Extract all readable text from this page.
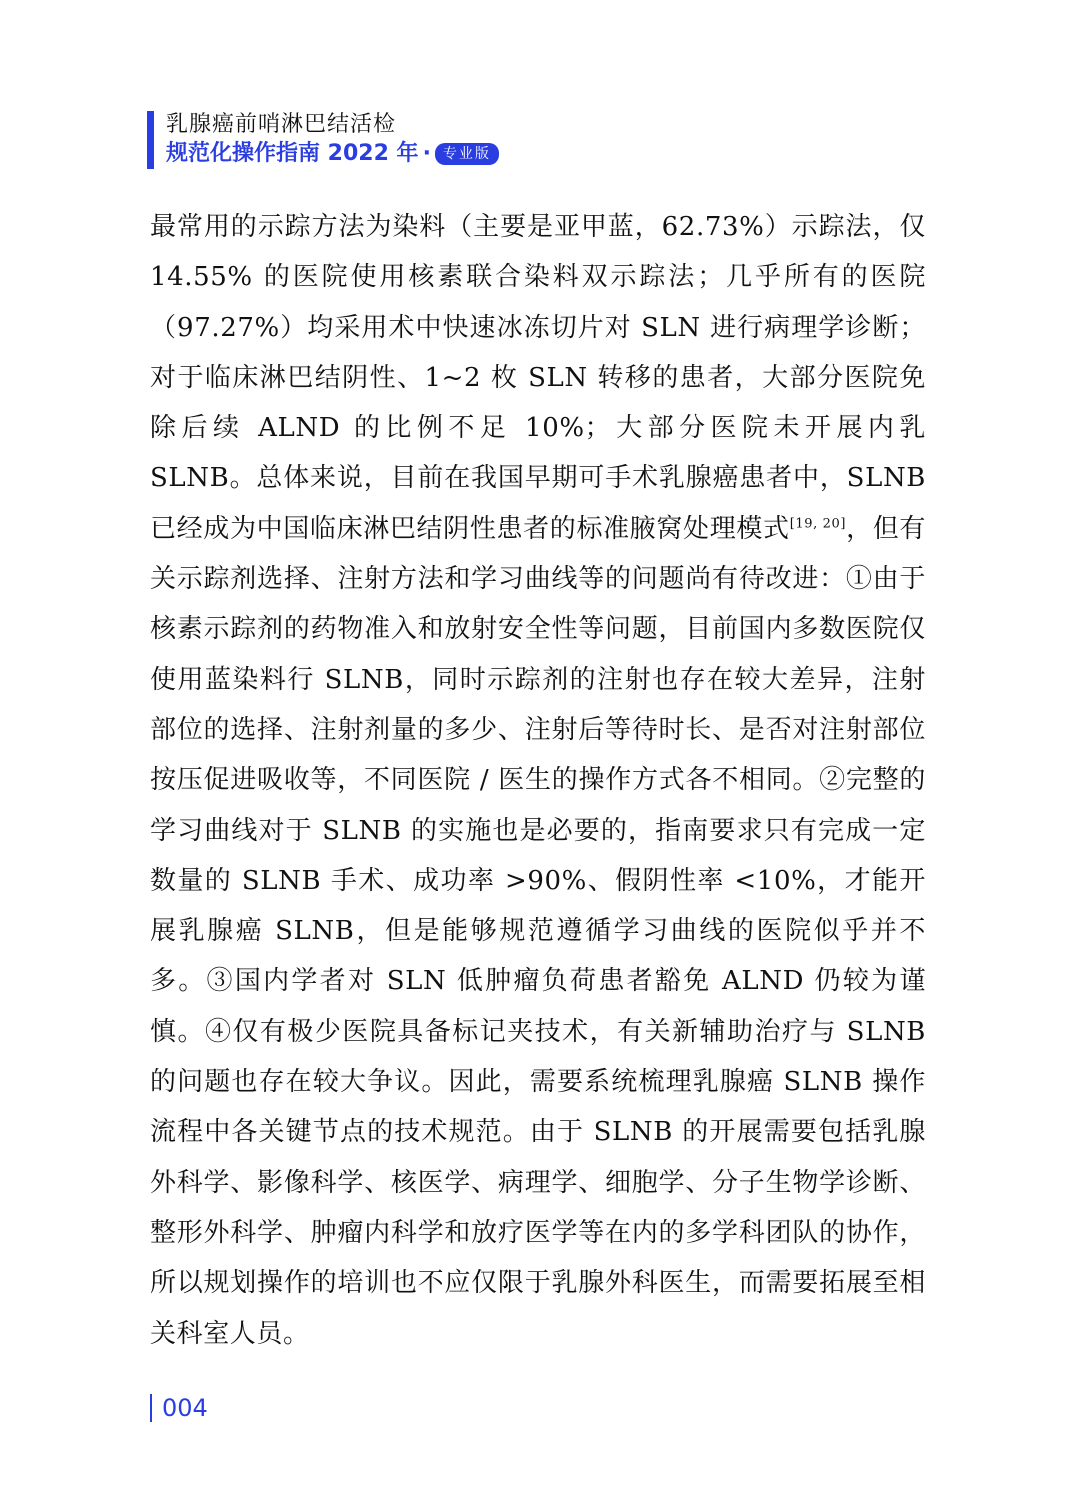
乳腺癌前哨淋巴结活检
规范化操作指南 2022 年 · 专业版
最常用的示踪方法为染料（主要是亚甲蓝，62.73%）示踪法，仅 14.55% 的医院使用核素联合染料双示踪法；几乎所有的医院（97.27%）均采用术中快速冰冻切片对 SLN 进行病理学诊断；对于临床淋巴结阴性、1~2 枚 SLN 转移的患者，大部分医院免除后续 ALND 的比例不足 10%；大部分医院未开展内乳 SLNB。总体来说，目前在我国早期可手术乳腺癌患者中，SLNB 已经成为中国临床淋巴结阴性患者的标准腋窝处理模式[19, 20]，但有关示踪剂选择、注射方法和学习曲线等的问题尚有待改进：①由于核素示踪剂的药物准入和放射安全性等问题，目前国内多数医院仅使用蓝染料行 SLNB，同时示踪剂的注射也存在较大差异，注射部位的选择、注射剂量的多少、注射后等待时长、是否对注射部位按压促进吸收等，不同医院 / 医生的操作方式各不相同。②完整的学习曲线对于 SLNB 的实施也是必要的，指南要求只有完成一定数量的 SLNB 手术、成功率 >90%、假阴性率 <10%，才能开展乳腺癌 SLNB，但是能够规范遵循学习曲线的医院似乎并不多。③国内学者对 SLN 低肿瘤负荷患者豁免 ALND 仍较为谨慎。④仅有极少医院具备标记夹技术，有关新辅助治疗与 SLNB 的问题也存在较大争议。因此，需要系统梳理乳腺癌 SLNB 操作流程中各关键节点的技术规范。由于 SLNB 的开展需要包括乳腺外科学、影像科学、核医学、病理学、细胞学、分子生物学诊断、整形外科学、肿瘤内科学和放疗医学等在内的多学科团队的协作，所以规划操作的培训也不应仅限于乳腺外科医生，而需要拓展至相关科室人员。
004
